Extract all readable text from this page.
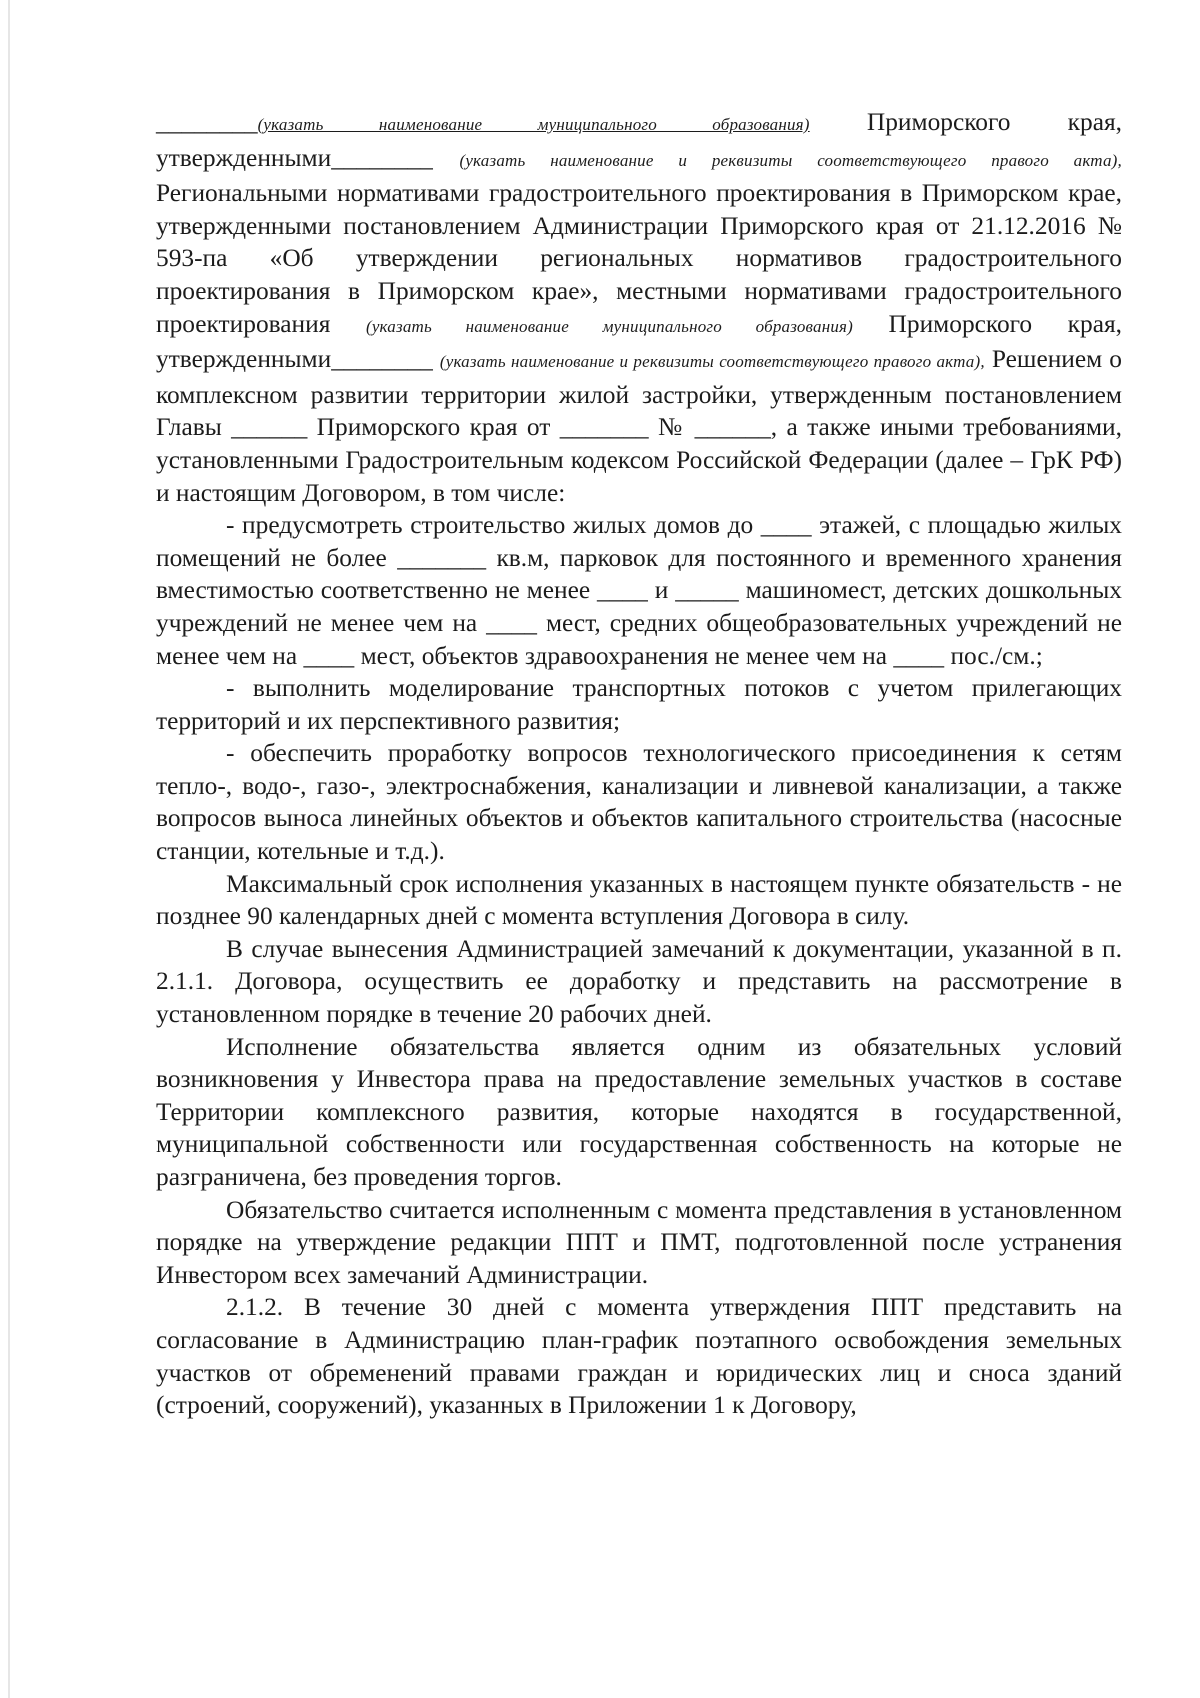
________(указать наименование муниципального образования) Приморского края, утвержденными________ (указать наименование и реквизиты соответствующего правого акта), Региональными нормативами градостроительного проектирования в Приморском крае, утвержденными постановлением Администрации Приморского края от 21.12.2016 № 593-па «Об утверждении региональных нормативов градостроительного проектирования в Приморском крае», местными нормативами градостроительного проектирования (указать наименование муниципального образования) Приморского края, утвержденными________ (указать наименование и реквизиты соответствующего правого акта), Решением о комплексном развитии территории жилой застройки, утвержденным постановлением Главы ______ Приморского края от _______ № ______, а также иными требованиями, установленными Градостроительным кодексом Российской Федерации (далее – ГрК РФ) и настоящим Договором, в том числе:

- предусмотреть строительство жилых домов до ____ этажей, с площадью жилых помещений не более _______ кв.м, парковок для постоянного и временного хранения вместимостью соответственно не менее ____ и _____ машиномест, детских дошкольных учреждений не менее чем на ____ мест, средних общеобразовательных учреждений не менее чем на ____ мест, объектов здравоохранения не менее чем на ____ пос./см.;

- выполнить моделирование транспортных потоков с учетом прилегающих территорий и их перспективного развития;

- обеспечить проработку вопросов технологического присоединения к сетям тепло-, водо-, газо-, электроснабжения, канализации и ливневой канализации, а также вопросов выноса линейных объектов и объектов капитального строительства (насосные станции, котельные и т.д.).

Максимальный срок исполнения указанных в настоящем пункте обязательств - не позднее 90 календарных дней с момента вступления Договора в силу.

В случае вынесения Администрацией замечаний к документации, указанной в п. 2.1.1. Договора, осуществить ее доработку и представить на рассмотрение в установленном порядке в течение 20 рабочих дней.

Исполнение обязательства является одним из обязательных условий возникновения у Инвестора права на предоставление земельных участков в составе Территории комплексного развития, которые находятся в государственной, муниципальной собственности или государственная собственность на которые не разграничена, без проведения торгов.

Обязательство считается исполненным с момента представления в установленном порядке на утверждение редакции ППТ и ПМТ, подготовленной после устранения Инвестором всех замечаний Администрации.

2.1.2. В течение 30 дней с момента утверждения ППТ представить на согласование в Администрацию план-график поэтапного освобождения земельных участков от обременений правами граждан и юридических лиц и сноса зданий (строений, сооружений), указанных в Приложении 1 к Договору,
